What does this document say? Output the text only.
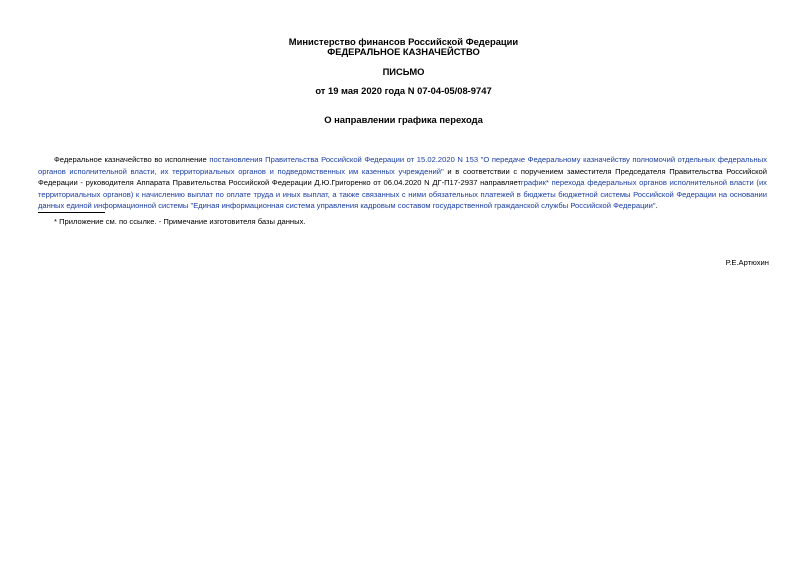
Министерство финансов Российской Федерации
ФЕДЕРАЛЬНОЕ КАЗНАЧЕЙСТВО
ПИСЬМО
от 19 мая 2020 года N 07-04-05/08-9747
О направлении графика перехода

Федеральное казначейство во исполнение постановления Правительства Российской Федерации от 15.02.2020 N 153 "О передаче Федеральному казначейству полномочий отдельных федеральных органов исполнительной власти, их территориальных органов и подведомственных им казенных учреждений" и в соответствии с поручением заместителя Председателя Правительства Российской Федерации - руководителя Аппарата Правительства Российской Федерации Д.Ю.Григоренко от 06.04.2020 N ДГ-П17-2937 направляетграфик* перехода федеральных органов исполнительной власти (их территориальных органов) к начислению выплат по оплате труда и иных выплат, а также связанных с ними обязательных платежей в бюджеты бюджетной системы Российской Федерации на основании данных единой информационной системы "Единая информационная система управления кадровым составом государственной гражданской службы Российской Федерации".

* Приложение см. по ссылке. - Примечание изготовителя базы данных.
Р.Е.Артюхин
